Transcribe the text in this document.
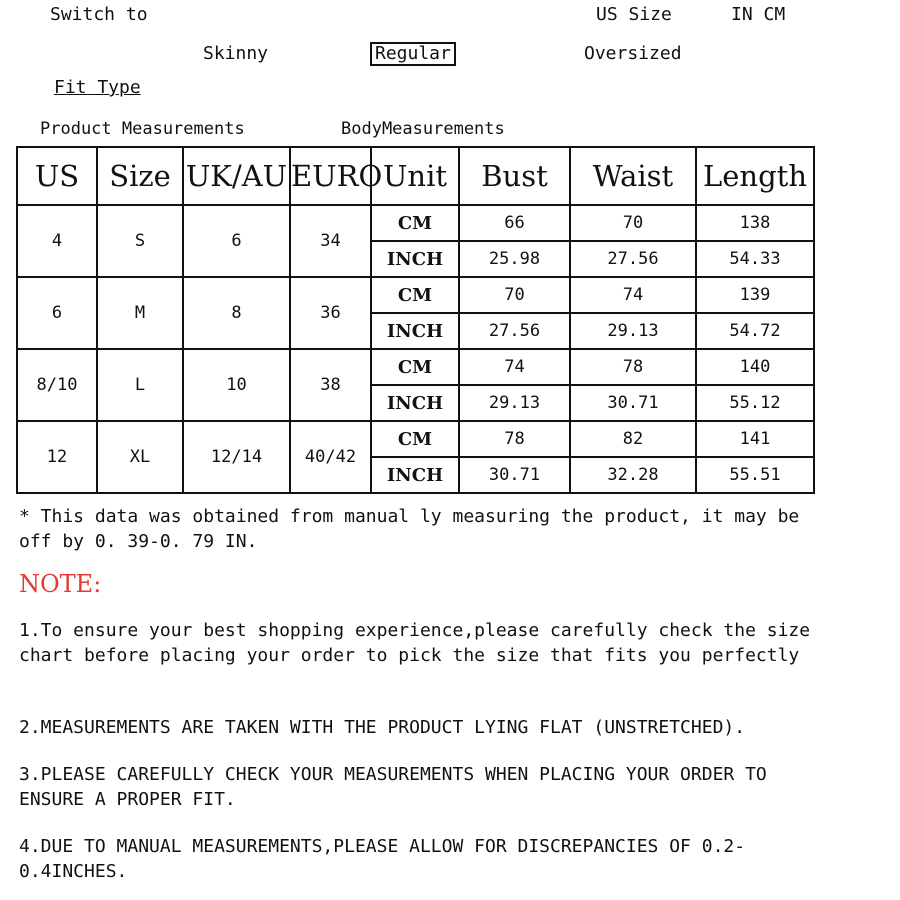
Switch to	US Size	IN CM
Skinny	Regular	Oversized
Fit Type
Product Measurements	BodyMeasurements
US	Size	UK/AU	EURO	Unit	Bust	Waist	Length
4	S	6	34	CM	66	70	138
				INCH	25.98	27.56	54.33
6	M	8	36	CM	70	74	139
				INCH	27.56	29.13	54.72
8/10	L	10	38	CM	74	78	140
				INCH	29.13	30.71	55.12
12	XL	12/14	40/42	CM	78	82	141
				INCH	30.71	32.28	55.51
* This data was obtained from manual ly measuring the product, it may be off by 0. 39-0. 79 IN.
NOTE:
1.To ensure your best shopping experience,please carefully check the size chart before placing your order to pick the size that fits you perfectly
2.MEASUREMENTS ARE TAKEN WITH THE PRODUCT LYING FLAT (UNSTRETCHED).
3.PLEASE CAREFULLY CHECK YOUR MEASUREMENTS WHEN PLACING YOUR ORDER TO ENSURE A PROPER FIT.
4.DUE TO MANUAL MEASUREMENTS,PLEASE ALLOW FOR DISCREPANCIES OF 0.2-0.4INCHES.
